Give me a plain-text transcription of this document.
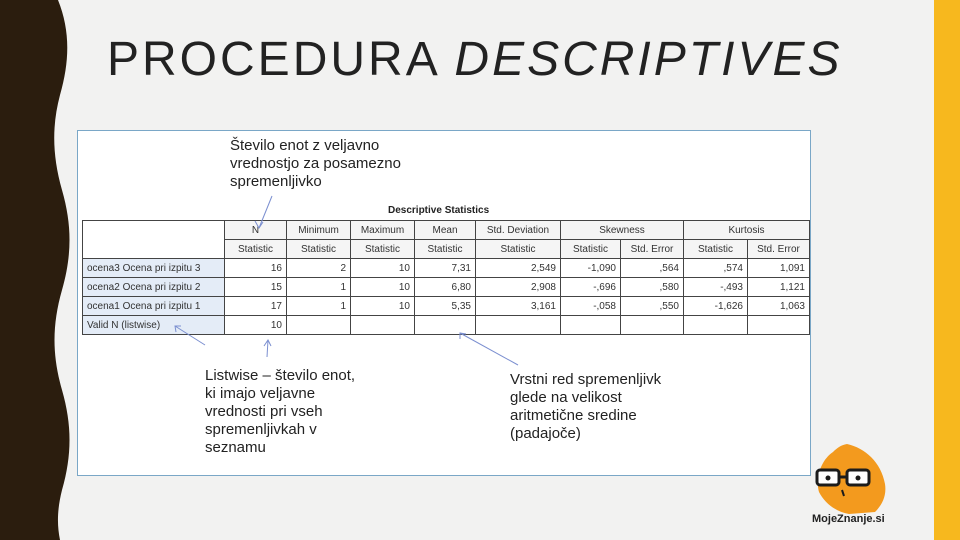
PROCEDURA DESCRIPTIVES
Število enot z veljavno
vrednostjo za posamezno
spremenljivko
Descriptive Statistics
	N	Minimum	Maximum	Mean	Std. Deviation	Skewness		Kurtosis	
	Statistic	Statistic	Statistic	Statistic	Statistic	Statistic	Std. Error	Statistic	Std. Error
ocena3 Ocena pri izpitu 3	16	2	10	7,31	2,549	-1,090	,564	,574	1,091
ocena2 Ocena pri izpitu 2	15	1	10	6,80	2,908	-,696	,580	-,493	1,121
ocena1 Ocena pri izpitu 1	17	1	10	5,35	3,161	-,058	,550	-1,626	1,063
Valid N (listwise)	10								
Listwise – število enot,
ki imajo veljavne
vrednosti pri vseh
spremenljivkah v
seznamu
Vrstni red spremenljivk
glede na velikost
aritmetične sredine
(padajoče)
MojeZnanje.si
